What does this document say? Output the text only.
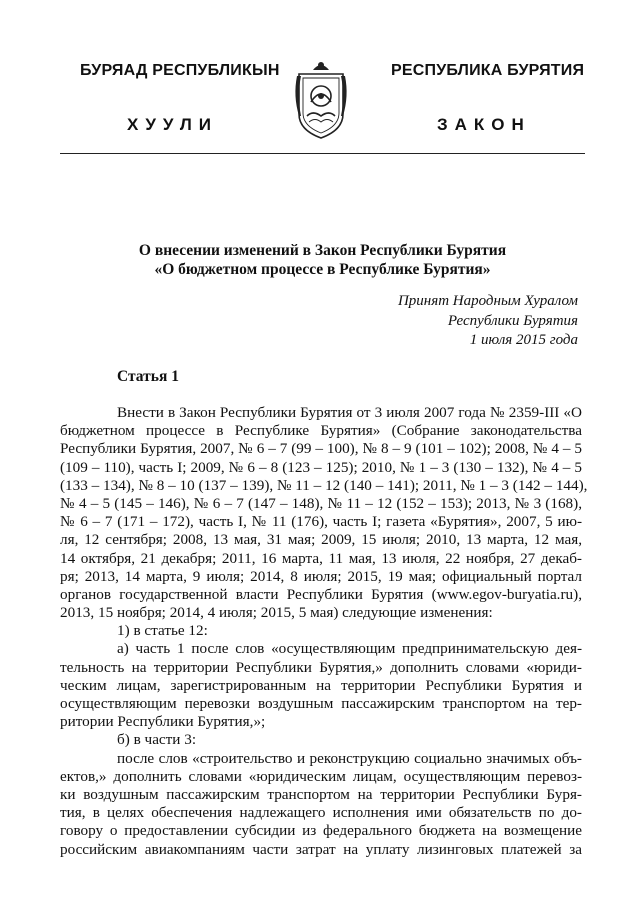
БУРЯАД РЕСПУБЛИКЫН
ХУУЛИ
РЕСПУБЛИКА БУРЯТИЯ
ЗАКОН
О внесении изменений в Закон Республики Бурятия
«О бюджетном процессе в Республике Бурятия»
Принят Народным Хуралом
Республики Бурятия
1 июля 2015 года
Статья 1
Внести в Закон Республики Бурятия от 3 июля 2007 года № 2359-III «О
бюджетном процессе в Республике Бурятия» (Собрание законодательства
Республики Бурятия, 2007, № 6 – 7 (99 – 100), № 8 – 9 (101 – 102); 2008, № 4 – 5
(109 – 110), часть I; 2009, № 6 – 8 (123 – 125); 2010, № 1 – 3 (130 – 132), № 4 – 5
(133 – 134), № 8 – 10 (137 – 139), № 11 – 12 (140 – 141); 2011, № 1 – 3 (142 – 144),
№ 4 – 5 (145 – 146), № 6 – 7 (147 – 148), № 11 – 12 (152 – 153); 2013, № 3 (168),
№ 6 – 7 (171 – 172), часть I, № 11 (176), часть I; газета «Бурятия», 2007, 5 ию-
ля, 12 сентября; 2008, 13 мая, 31 мая; 2009, 15 июля; 2010, 13 марта, 12 мая,
14 октября, 21 декабря; 2011, 16 марта, 11 мая, 13 июля, 22 ноября, 27 декаб-
ря; 2013, 14 марта, 9 июля; 2014, 8 июля; 2015, 19 мая; официальный портал
органов государственной власти Республики Бурятия (www.egov-buryatia.ru),
2013, 15 ноября; 2014, 4 июля; 2015, 5 мая) следующие изменения:
1) в статье 12:
а) часть 1 после слов «осуществляющим предпринимательскую дея-
тельность на территории Республики Бурятия,» дополнить словами «юриди-
ческим лицам, зарегистрированным на территории Республики Бурятия и
осуществляющим перевозки воздушным пассажирским транспортом на тер-
ритории Республики Бурятия,»;
б) в части 3:
после слов «строительство и реконструкцию социально значимых объ-
ектов,» дополнить словами «юридическим лицам, осуществляющим перевоз-
ки воздушным пассажирским транспортом на территории Республики Буря-
тия, в целях обеспечения надлежащего исполнения ими обязательств по до-
говору о предоставлении субсидии из федерального бюджета на возмещение
российским авиакомпаниям части затрат на уплату лизинговых платежей за
